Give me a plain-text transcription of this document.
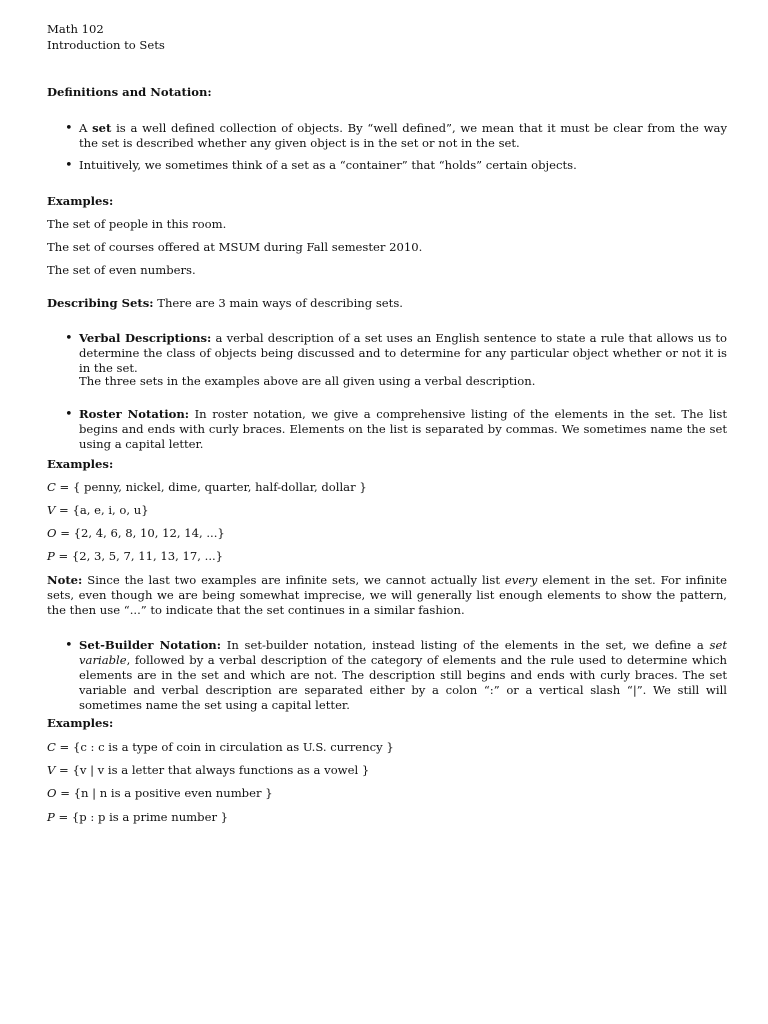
Math 102
Introduction to Sets
Definitions and Notation:
•
A set is a well defined collection of objects. By “well defined”, we mean that it must be clear from the way the set is described whether any given object is in the set or not in the set.
•
Intuitively, we sometimes think of a set as a “container” that “holds” certain objects.
Examples:
The set of people in this room.
The set of courses offered at MSUM during Fall semester 2010.
The set of even numbers.
Describing Sets: There are 3 main ways of describing sets.
•
Verbal Descriptions: a verbal description of a set uses an English sentence to state a rule that allows us to determine the class of objects being discussed and to determine for any particular object whether or not it is in the set.
The three sets in the examples above are all given using a verbal description.
•
Roster Notation: In roster notation, we give a comprehensive listing of the elements in the set. The list begins and ends with curly braces. Elements on the list is separated by commas. We sometimes name the set using a capital letter.
Examples:
C = { penny, nickel, dime, quarter, half-dollar, dollar }
V = {a, e, i, o, u}
O = {2, 4, 6, 8, 10, 12, 14, ...}
P = {2, 3, 5, 7, 11, 13, 17, ...}
Note: Since the last two examples are infinite sets, we cannot actually list every element in the set. For infinite sets, even though we are being somewhat imprecise, we will generally list enough elements to show the pattern, the then use “...” to indicate that the set continues in a similar fashion.
•
Set-Builder Notation: In set-builder notation, instead listing of the elements in the set, we define a set variable, followed by a verbal description of the category of elements and the rule used to determine which elements are in the set and which are not. The description still begins and ends with curly braces. The set variable and verbal description are separated either by a colon “:” or a vertical slash “|”. We still will sometimes name the set using a capital letter.
Examples:
C = {c : c is a type of coin in circulation as U.S. currency }
V = {v | v is a letter that always functions as a vowel }
O = {n | n is a positive even number }
P = {p : p is a prime number }
